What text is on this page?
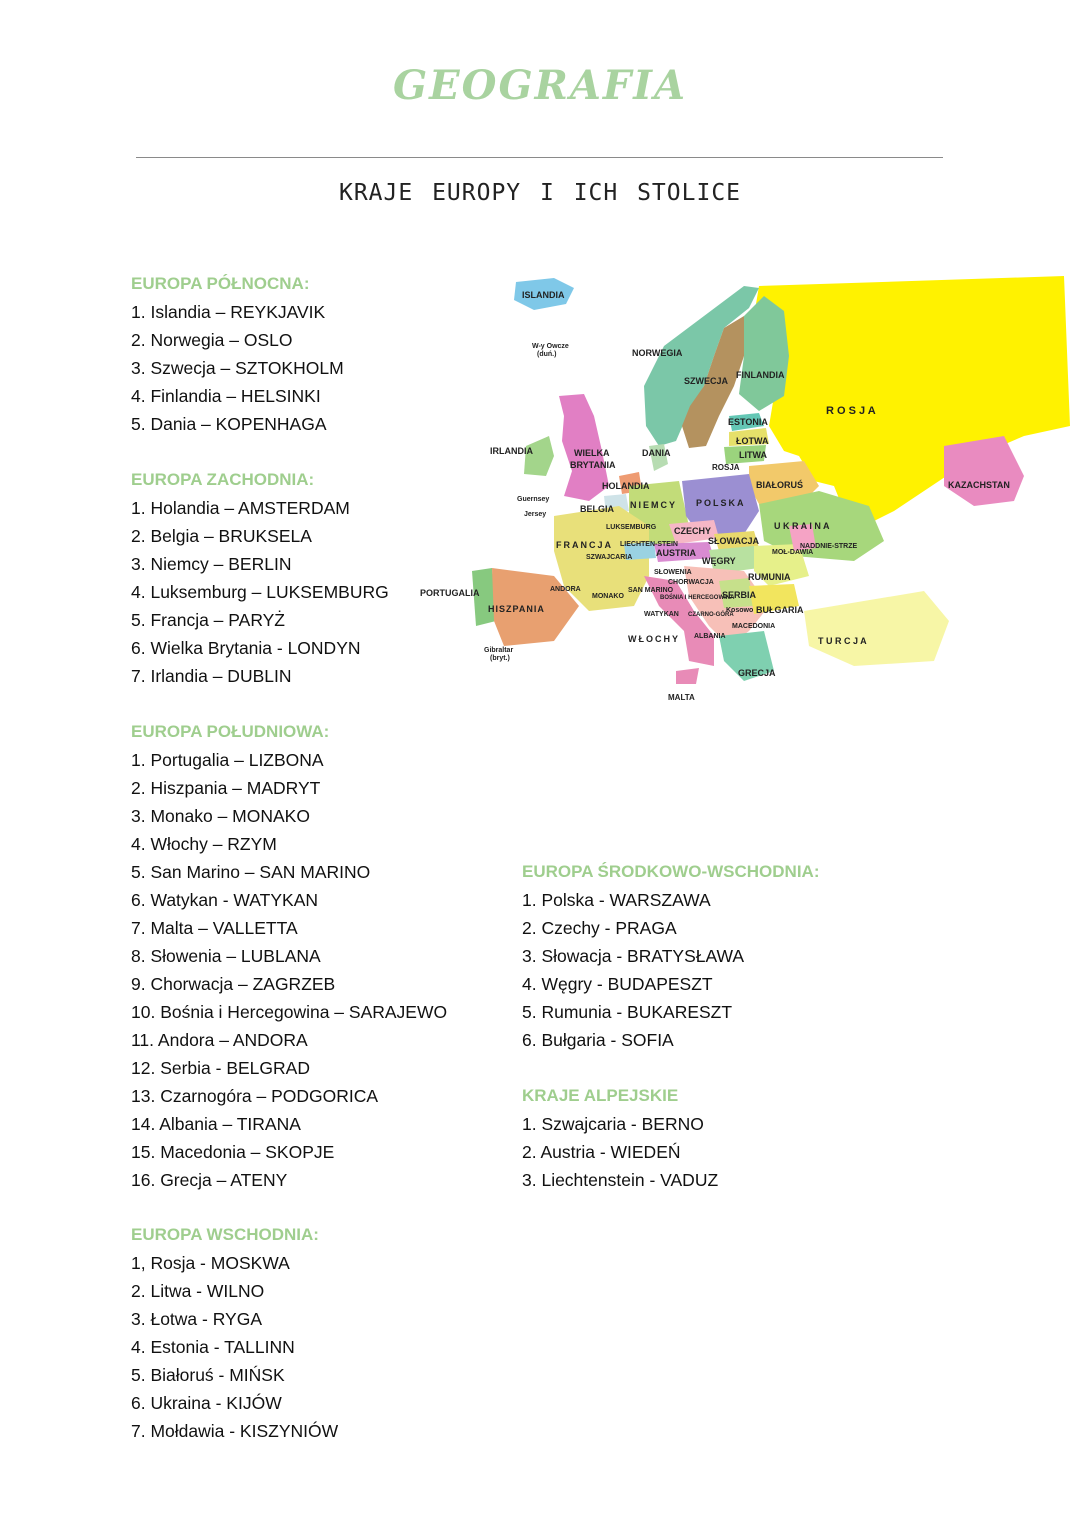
GEOGRAFIA
KRAJE EUROPY I ICH STOLICE
EUROPA PÓŁNOCNA:
1. Islandia – REYKJAVIK
2. Norwegia – OSLO
3. Szwecja – SZTOKHOLM
4. Finlandia – HELSINKI
5. Dania – KOPENHAGA
EUROPA ZACHODNIA:
1. Holandia – AMSTERDAM
2. Belgia – BRUKSELA
3. Niemcy – BERLIN
4. Luksemburg – LUKSEMBURG
5. Francja – PARYŻ
6. Wielka Brytania - LONDYN
7. Irlandia – DUBLIN
EUROPA POŁUDNIOWA:
1. Portugalia – LIZBONA
2. Hiszpania – MADRYT
3. Monako – MONAKO
4. Włochy – RZYM
5. San Marino – SAN MARINO
6. Watykan - WATYKAN
7. Malta – VALLETTA
8. Słowenia – LUBLANA
9. Chorwacja – ZAGRZEB
10. Bośnia i Hercegowina – SARAJEWO
11. Andora – ANDORA
12. Serbia - BELGRAD
13. Czarnogóra – PODGORICA
14. Albania – TIRANA
15. Macedonia – SKOPJE
16. Grecja – ATENY
EUROPA WSCHODNIA:
1, Rosja - MOSKWA
2. Litwa - WILNO
3. Łotwa - RYGA
4. Estonia - TALLINN
5. Białoruś - MIŃSK
6. Ukraina - KIJÓW
7. Mołdawia - KISZYNIÓW
EUROPA ŚRODKOWO-WSCHODNIA:
1. Polska - WARSZAWA
2. Czechy - PRAGA
3. Słowacja - BRATYSŁAWA
4. Węgry - BUDAPESZT
5. Rumunia - BUKARESZT
6. Bułgaria - SOFIA
KRAJE ALPEJSKIE
1. Szwajcaria - BERNO
2. Austria - WIEDEŃ
3. Liechtenstein - VADUZ
ISLANDIA
W-y Owcze
(duń.)	NORWEGIA
SZWECJA
FINLANDIA
R O S J A
ESTONIA
ŁOTWA
LITWA
ROSJA
IRLANDIA	WIELKA
BRYTANIA
DANIA
BIAŁORUŚ	KAZACHSTAN
Guernsey
Jersey
HOLANDIA
BELGIA NIEMCY POLSKA
U K R A I N A
LUKSEMBURG
FRANCJA LIECHTEN-STEIN
SZWAJCARIA
CZECHY
SŁOWACJA
AUSTRIA
NADDNIE-STRZE
MOŁ-DAWIA
WĘGRY
SŁOWENIA
CHORWACJA
RUMUNIA
PORTUGALIA	ANDORA
MONAKO
HISZPANIA
SAN MARINO
BOŚNIA I HERCEGOWINA
SERBIA
WATYKAN CZARNO-GÓRA
Kosowo BUŁGARIA
MACEDONIA
WŁOCHY ALBANIA	T U R C J A
Gibraltar
(bryt.)
GRECJA
MALTA
